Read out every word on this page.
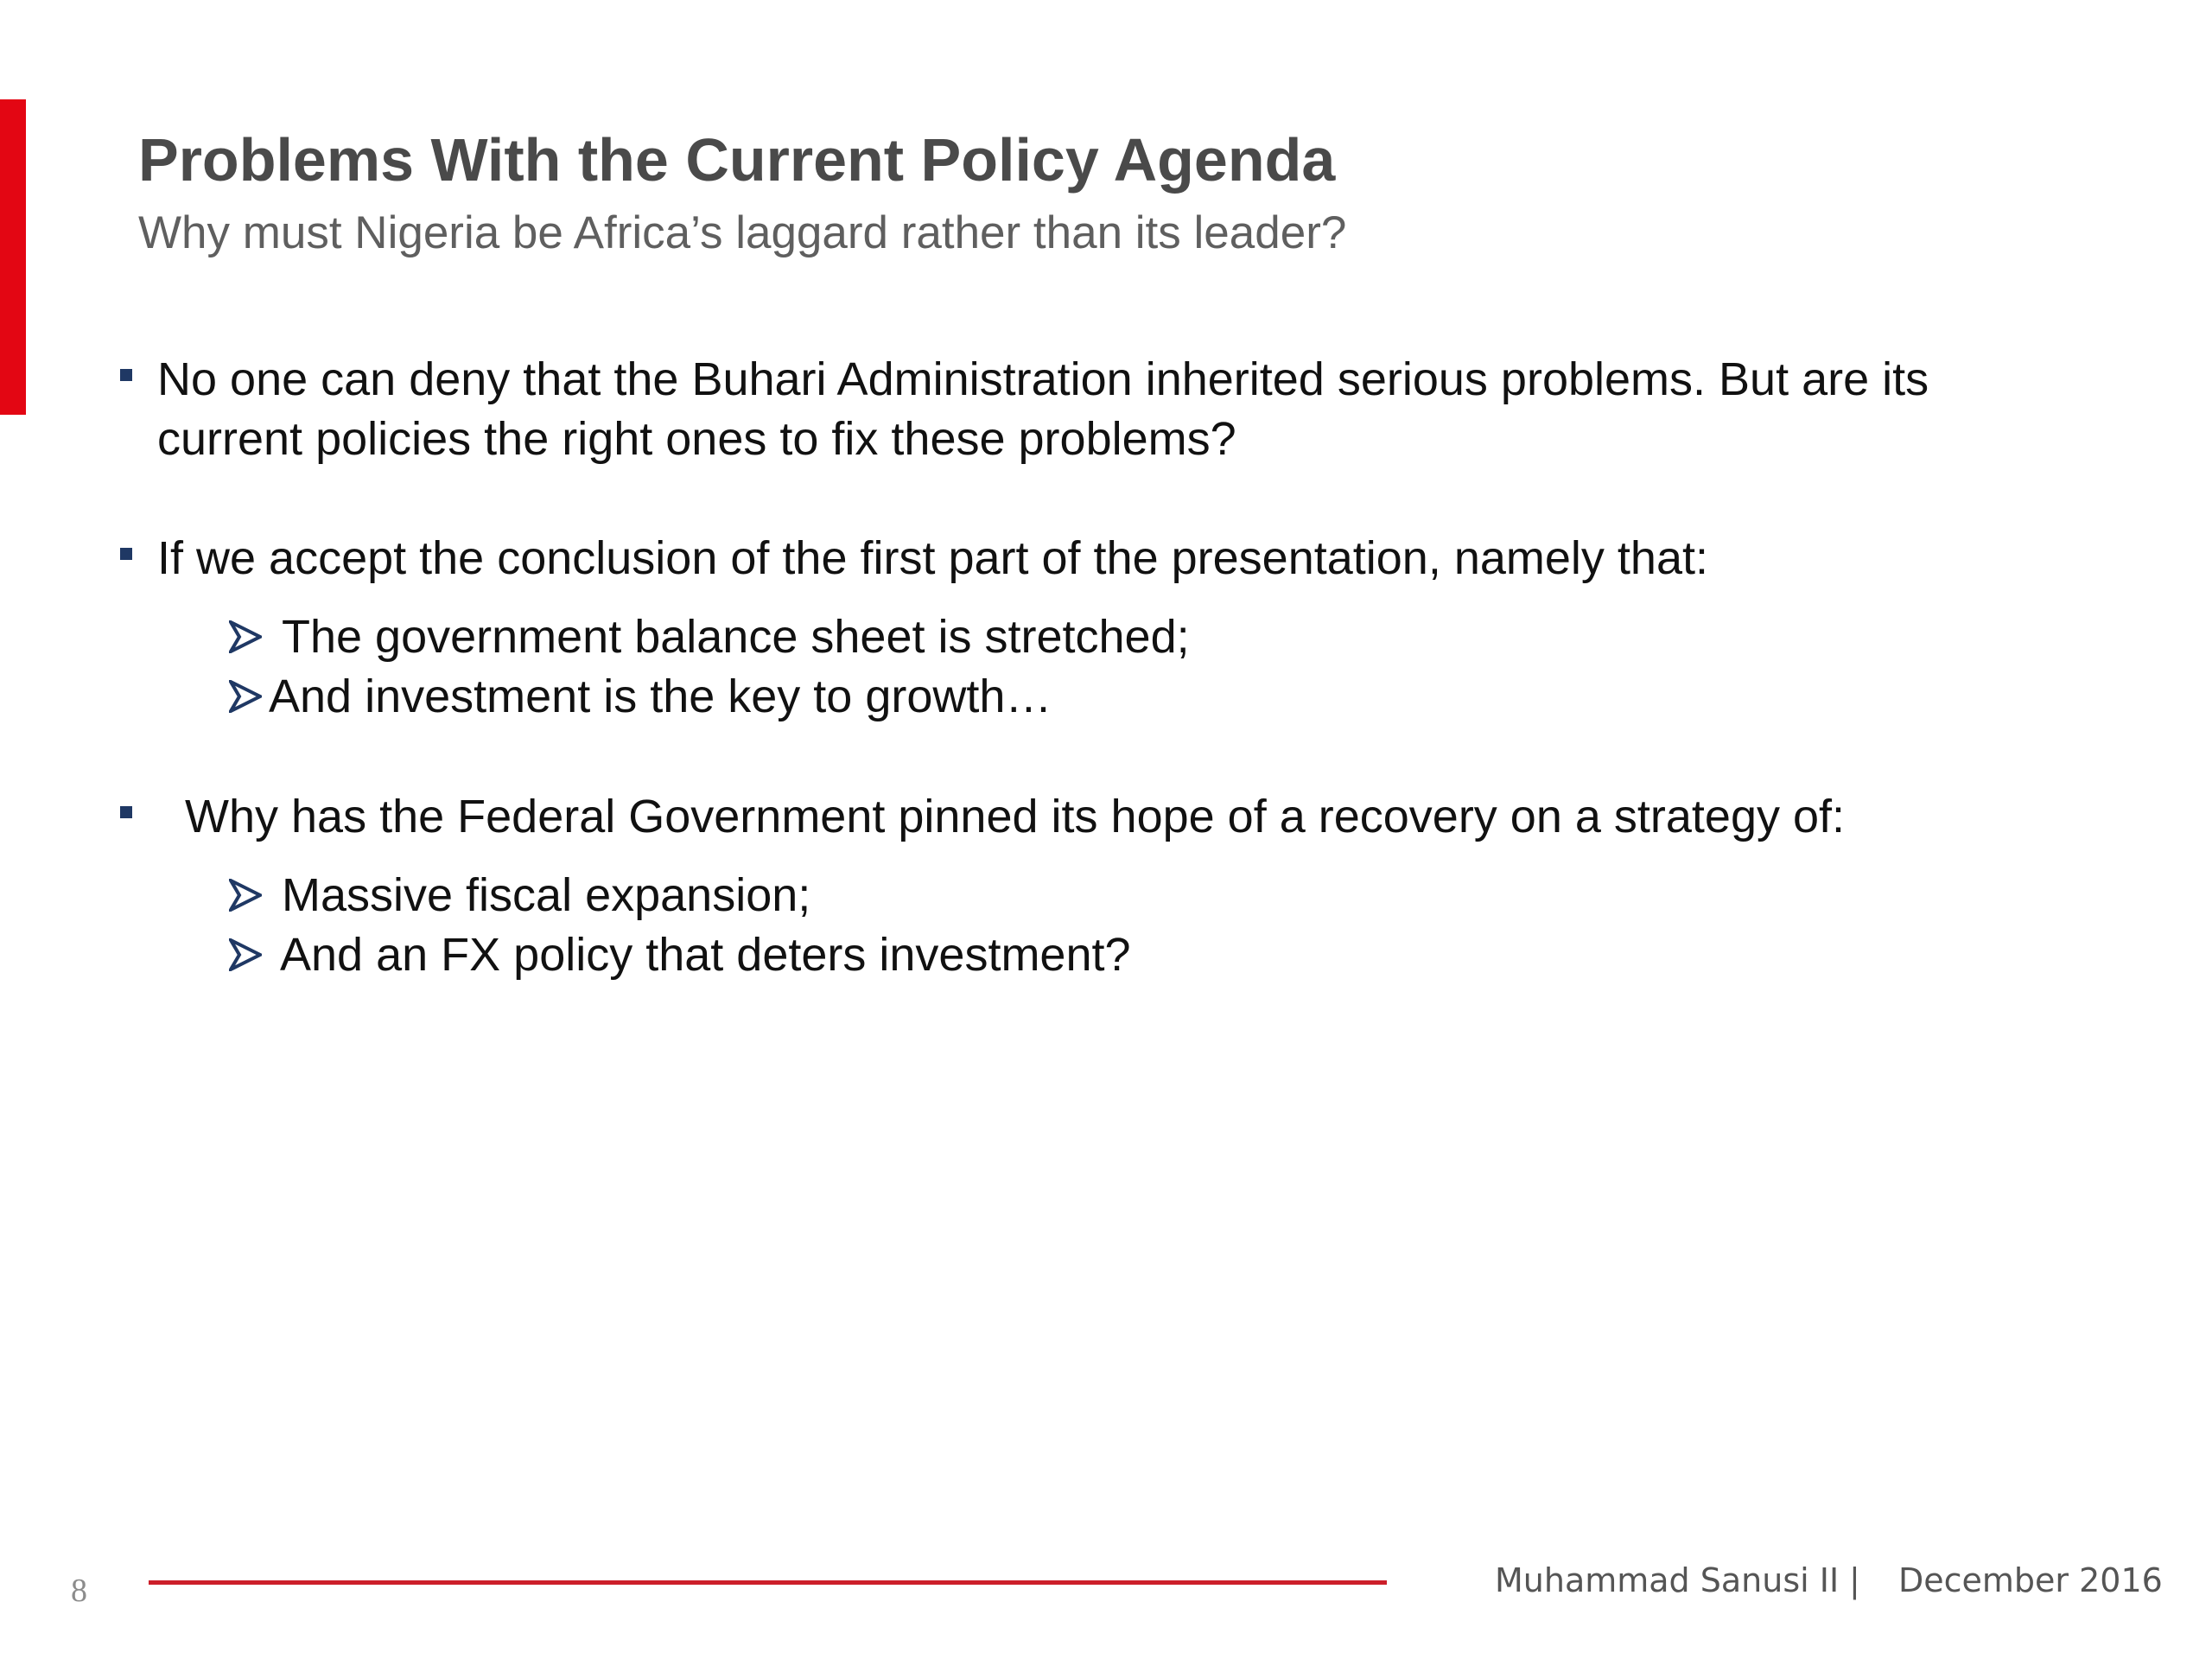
Problems With the Current Policy Agenda
Why must Nigeria be Africa’s laggard rather than its leader?
No one can deny that the Buhari Administration inherited serious problems. But are its
current policies the right ones to fix these problems?
If we accept the conclusion of the first part of the presentation, namely that:
The government balance sheet is stretched;
And investment is the key to growth…
Why has the Federal Government pinned its hope of a recovery on a strategy of:
Massive fiscal expansion;
And an FX policy that deters investment?
8	Muhammad Sanusi II | December 2016
